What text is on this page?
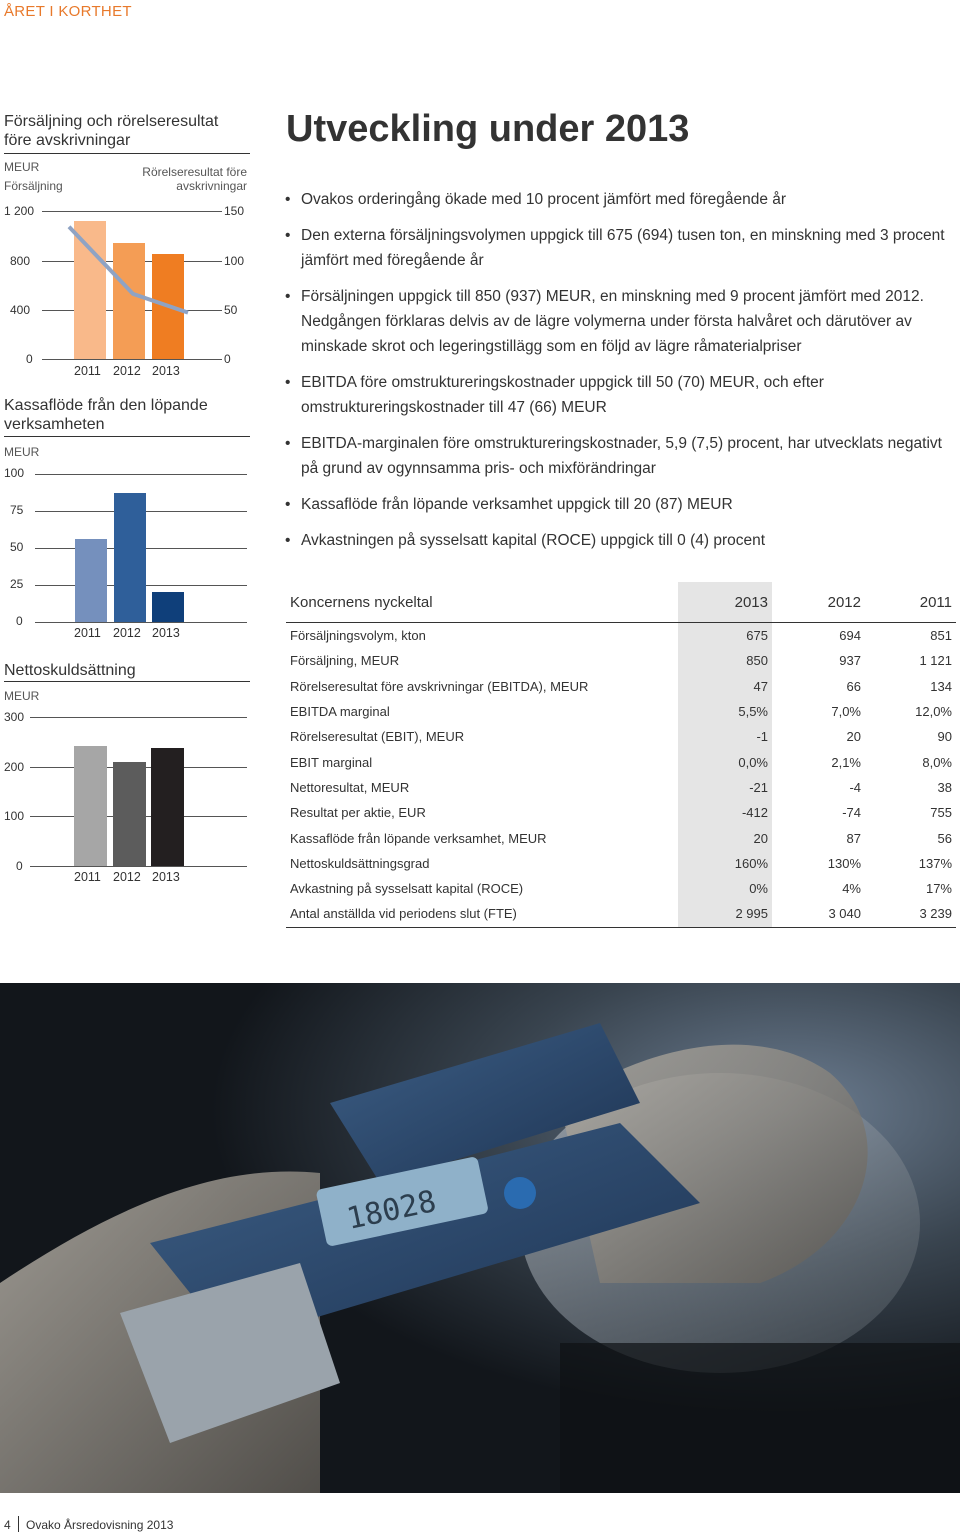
ÅRET I KORTHET
Försäljning och rörelseresultat före avskrivningar
MEUR
Försäljning
Rörelseresultat före avskrivningar
1 200
800
400
0
150
100
50
0
2011 2012 2013
Kassaflöde från den löpande verksamheten
MEUR
100
75
50
25
0
2011 2012 2013
Nettoskuldsättning
MEUR
300
200
100
0
2011 2012 2013
Utveckling under 2013
• Ovakos orderingång ökade med 10 procent jämfört med föregående år
• Den externa försäljningsvolymen uppgick till 675 (694) tusen ton, en minskning med 3 procent jämfört med föregående år
• Försäljningen uppgick till 850 (937) MEUR, en minskning med 9 procent jämfört med 2012. Nedgången förklaras delvis av de lägre volymerna under första halvåret och därutöver av minskade skrot och legeringstillägg som en följd av lägre råmaterialpriser
• EBITDA före omstruktureringskostnader uppgick till 50 (70) MEUR, och efter omstruktureringskostnader till 47 (66) MEUR
• EBITDA-marginalen före omstruktureringskostnader, 5,9 (7,5) procent, har utvecklats negativt på grund av ogynnsamma pris- och mixförändringar
• Kassaflöde från löpande verksamhet uppgick till 20 (87) MEUR
• Avkastningen på sysselsatt kapital (ROCE) uppgick till 0 (4) procent
Koncernens nyckeltal	2013	2012	2011
Försäljningsvolym, kton	675	694	851
Försäljning, MEUR	850	937	1 121
Rörelseresultat före avskrivningar (EBITDA), MEUR	47	66	134
EBITDA marginal	5,5%	7,0%	12,0%
Rörelseresultat (EBIT), MEUR	-1	20	90
EBIT marginal	0,0%	2,1%	8,0%
Nettoresultat, MEUR	-21	-4	38
Resultat per aktie, EUR	-412	-74	755
Kassaflöde från löpande verksamhet, MEUR	20	87	56
Nettoskuldsättningsgrad	160%	130%	137%
Avkastning på sysselsatt kapital (ROCE)	0%	4%	17%
Antal anställda vid periodens slut (FTE)	2 995	3 040	3 239
18028
4 Ovako Årsredovisning 2013
